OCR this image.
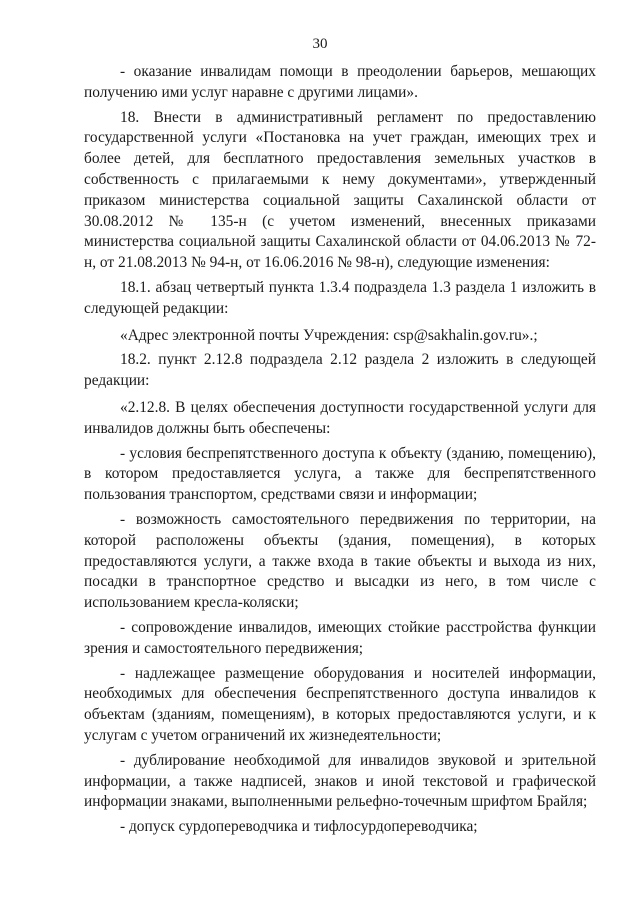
30

- оказание инвалидам помощи в преодолении барьеров, мешающих получению ими услуг наравне с другими лицами».

18. Внести в административный регламент по предоставлению государственной услуги «Постановка на учет граждан, имеющих трех и более детей, для бесплатного предоставления земельных участков в собственность с прилагаемыми к нему документами», утвержденный приказом министерства социальной защиты Сахалинской области от 30.08.2012 № 135-н (с учетом изменений, внесенных приказами министерства социальной защиты Сахалинской области от 04.06.2013 № 72-н, от 21.08.2013 № 94-н, от 16.06.2016 № 98-н), следующие изменения:

18.1. абзац четвертый пункта 1.3.4 подраздела 1.3 раздела 1 изложить в следующей редакции:

«Адрес электронной почты Учреждения: csp@sakhalin.gov.ru».;

18.2. пункт 2.12.8 подраздела 2.12 раздела 2 изложить в следующей редакции:

«2.12.8. В целях обеспечения доступности государственной услуги для инвалидов должны быть обеспечены:

- условия беспрепятственного доступа к объекту (зданию, помещению), в котором предоставляется услуга, а также для беспрепятственного пользования транспортом, средствами связи и информации;

- возможность самостоятельного передвижения по территории, на которой расположены объекты (здания, помещения), в которых предоставляются услуги, а также входа в такие объекты и выхода из них, посадки в транспортное средство и высадки из него, в том числе с использованием кресла-коляски;

- сопровождение инвалидов, имеющих стойкие расстройства функции зрения и самостоятельного передвижения;

- надлежащее размещение оборудования и носителей информации, необходимых для обеспечения беспрепятственного доступа инвалидов к объектам (зданиям, помещениям), в которых предоставляются услуги, и к услугам с учетом ограничений их жизнедеятельности;

- дублирование необходимой для инвалидов звуковой и зрительной информации, а также надписей, знаков и иной текстовой и графической информации знаками, выполненными рельефно-точечным шрифтом Брайля;

- допуск сурдопереводчика и тифлосурдопереводчика;
